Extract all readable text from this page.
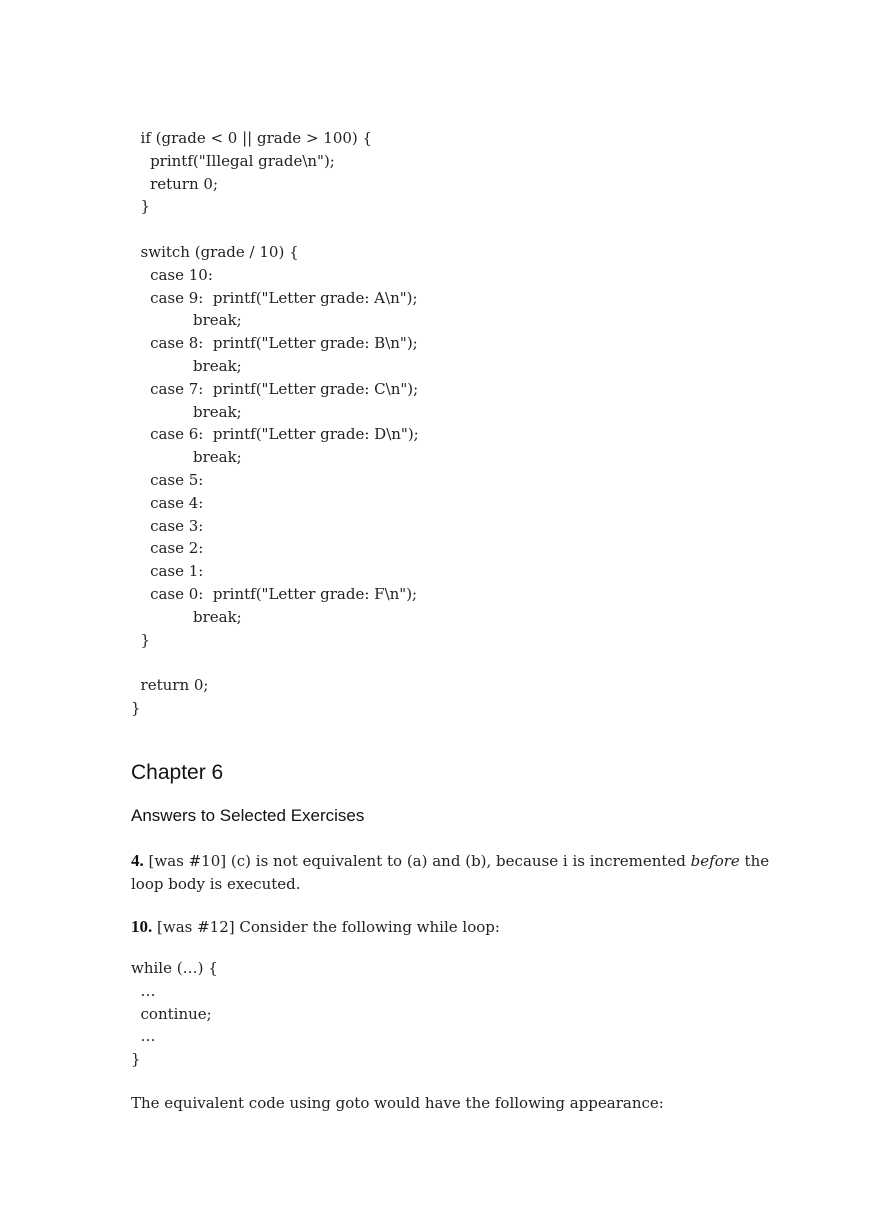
if (grade < 0 || grade > 100) {
printf("Illegal grade\n");
return 0;
}
switch (grade / 10) {
case 10:
case 9:  printf("Letter grade: A\n");
break;
case 8:  printf("Letter grade: B\n");
break;
case 7:  printf("Letter grade: C\n");
break;
case 6:  printf("Letter grade: D\n");
break;
case 5:
case 4:
case 3:
case 2:
case 1:
case 0:  printf("Letter grade: F\n");
break;
}
return 0;
}
Chapter 6
Answers to Selected Exercises

4. [was #10] (c) is not equivalent to (a) and (b), because i is incremented before the loop body is executed.

10. [was #12] Consider the following while loop:

while (…) {
…
continue;
…
}

The equivalent code using goto would have the following appearance:
